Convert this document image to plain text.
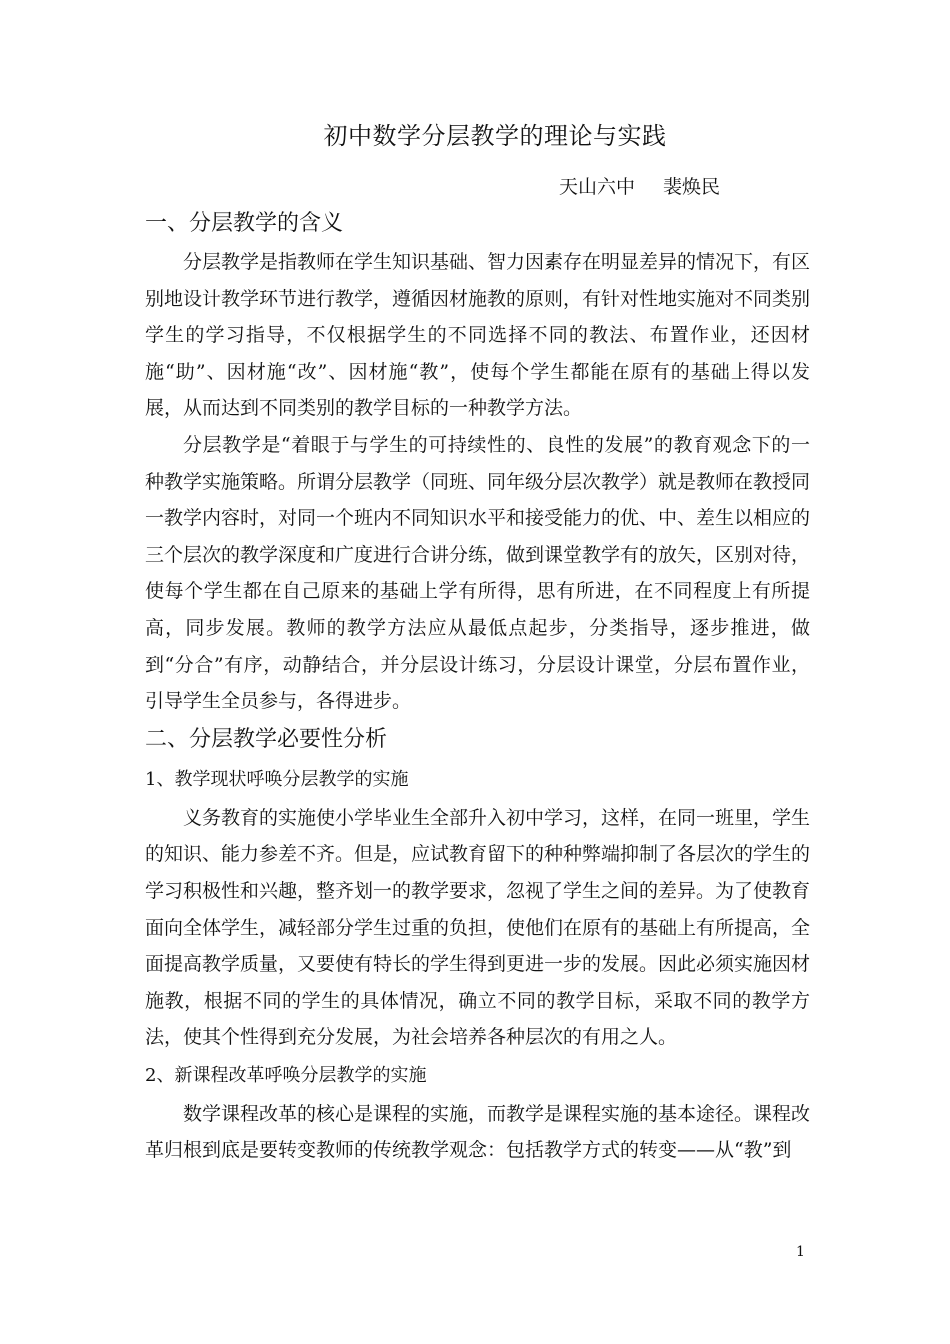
初中数学分层教学的理论与实践
天山六中 裴焕民
一、分层教学的含义

分层教学是指教师在学生知识基础、智力因素存在明显差异的情况下，有区别地设计教学环节进行教学，遵循因材施教的原则，有针对性地实施对不同类别学生的学习指导，不仅根据学生的不同选择不同的教法、布置作业，还因材施“助”、因材施“改”、因材施“教”，使每个学生都能在原有的基础上得以发展，从而达到不同类别的教学目标的一种教学方法。

分层教学是“着眼于与学生的可持续性的、良性的发展”的教育观念下的一种教学实施策略。所谓分层教学（同班、同年级分层次教学）就是教师在教授同一教学内容时，对同一个班内不同知识水平和接受能力的优、中、差生以相应的三个层次的教学深度和广度进行合讲分练，做到课堂教学有的放矢，区别对待，使每个学生都在自己原来的基础上学有所得，思有所进，在不同程度上有所提高，同步发展。教师的教学方法应从最低点起步，分类指导，逐步推进，做到“分合”有序，动静结合，并分层设计练习，分层设计课堂，分层布置作业，引导学生全员参与，各得进步。

二、分层教学必要性分析
1、教学现状呼唤分层教学的实施

义务教育的实施使小学毕业生全部升入初中学习，这样，在同一班里，学生的知识、能力参差不齐。但是，应试教育留下的种种弊端抑制了各层次的学生的学习积极性和兴趣，整齐划一的教学要求，忽视了学生之间的差异。为了使教育面向全体学生，减轻部分学生过重的负担，使他们在原有的基础上有所提高，全面提高教学质量，又要使有特长的学生得到更进一步的发展。因此必须实施因材施教，根据不同的学生的具体情况，确立不同的教学目标，采取不同的教学方法，使其个性得到充分发展，为社会培养各种层次的有用之人。

2、新课程改革呼唤分层教学的实施

数学课程改革的核心是课程的实施，而教学是课程实施的基本途径。课程改革归根到底是要转变教师的传统教学观念：包括教学方式的转变——从“教”到

1
